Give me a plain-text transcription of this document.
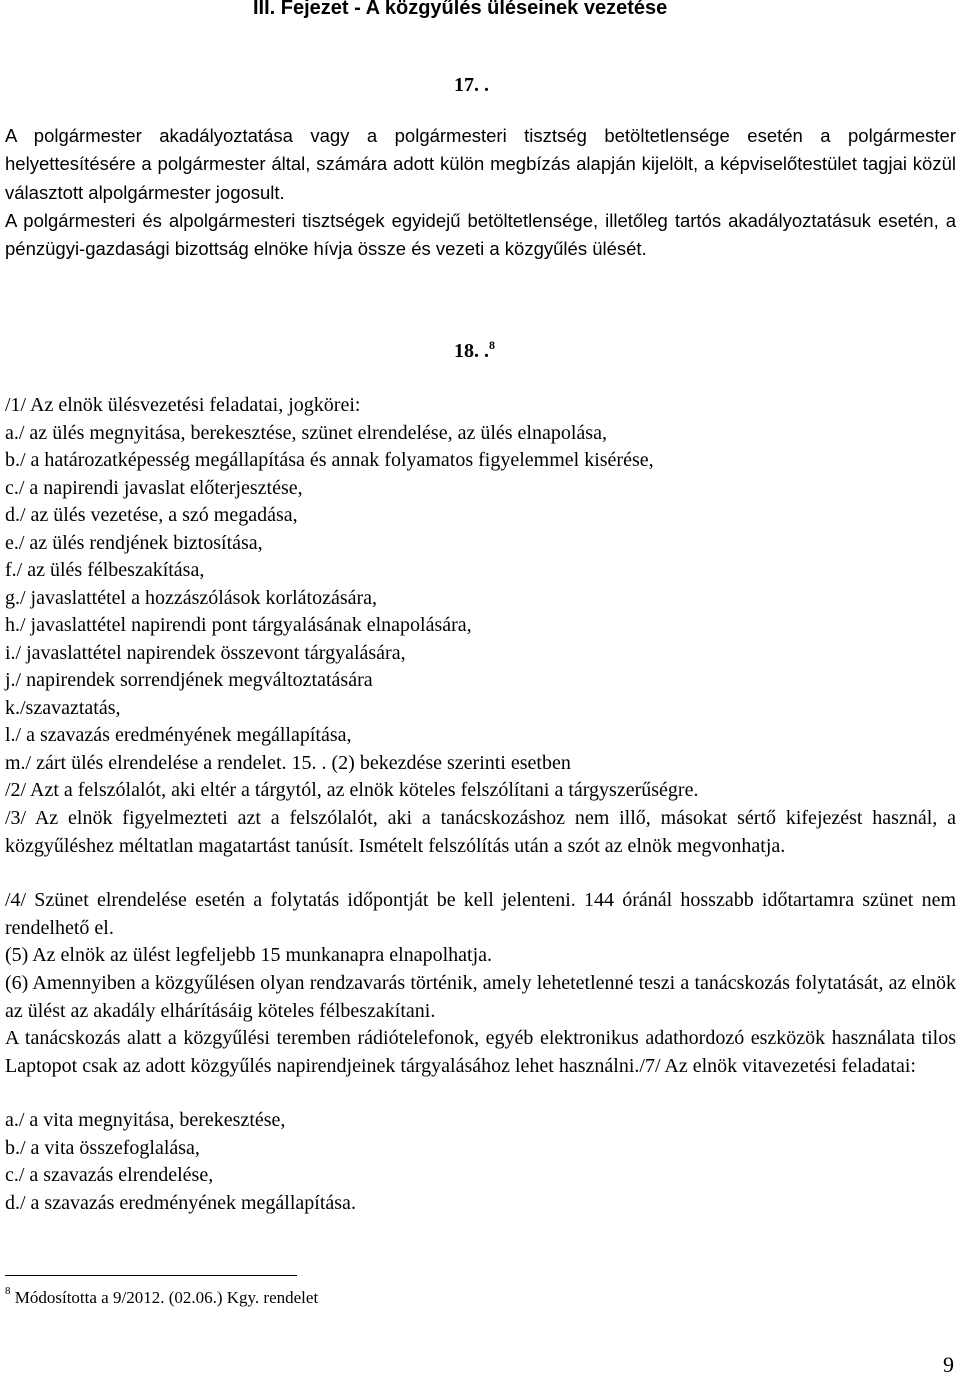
III. Fejezet - A közgyűlés üléseinek vezetése
17. .
A polgármester akadályoztatása vagy a polgármesteri tisztség betöltetlensége esetén a polgármester helyettesítésére a polgármester által, számára adott külön megbízás alapján kijelölt, a képviselőtestület tagjai közül választott alpolgármester jogosult.
A polgármesteri és alpolgármesteri tisztségek egyidejű betöltetlensége, illetőleg tartós akadályoztatásuk esetén, a pénzügyi-gazdasági bizottság elnöke hívja össze és vezeti a közgyűlés ülését.
18. .$^8$
/1/ Az elnök ülésvezetési feladatai, jogkörei:
a./ az ülés megnyitása, berekesztése, szünet elrendelése, az ülés elnapolása,
b./ a határozatképesség megállapítása és annak folyamatos figyelemmel kisérése,
c./ a napirendi javaslat előterjesztése,
d./ az ülés vezetése, a szó megadása,
e./ az ülés rendjének biztosítása,
f./ az ülés félbeszakítása,
g./ javaslattétel a hozzászólások korlátozására,
h./ javaslattétel napirendi pont tárgyalásának elnapolására,
i./ javaslattétel napirendek összevont tárgyalására,
j./ napirendek sorrendjének megváltoztatására
k./szavaztatás,
l./ a szavazás eredményének megállapítása,
m./ zárt ülés elrendelése a rendelet. 15. . (2) bekezdése szerinti esetben
/2/ Azt a felszólalót, aki eltér a tárgytól, az elnök köteles felszólítani a tárgyszerűségre.
/3/ Az elnök figyelmezteti azt a felszólalót, aki a tanácskozáshoz nem illő, másokat sértő kifejezést használ, a közgyűléshez méltatlan magatartást tanúsít. Ismételt felszólítás után a szót az elnök megvonhatja.
/4/ Szünet elrendelése esetén a folytatás időpontját be kell jelenteni. 144 óránál hosszabb időtartamra szünet nem rendelhető el.
(5) Az elnök az ülést legfeljebb 15 munkanapra elnapolhatja.
(6) Amennyiben a közgyűlésen olyan rendzavarás történik, amely lehetetlenné teszi a tanácskozás folytatását, az elnök az ülést az akadály elhárításáig köteles félbeszakítani.
A tanácskozás alatt a közgyűlési teremben rádiótelefonok, egyéb elektronikus adathordozó eszközök használata tilos Laptopot csak az adott közgyűlés napirendjeinek tárgyalásához lehet használni./7/ Az elnök vitavezetési feladatai:
a./ a vita megnyitása, berekesztése,
b./ a vita összefoglalása,
c./ a szavazás elrendelése,
d./ a szavazás eredményének megállapítása.
$^8$ Módosította a 9/2012. (02.06.) Kgy. rendelet
9
